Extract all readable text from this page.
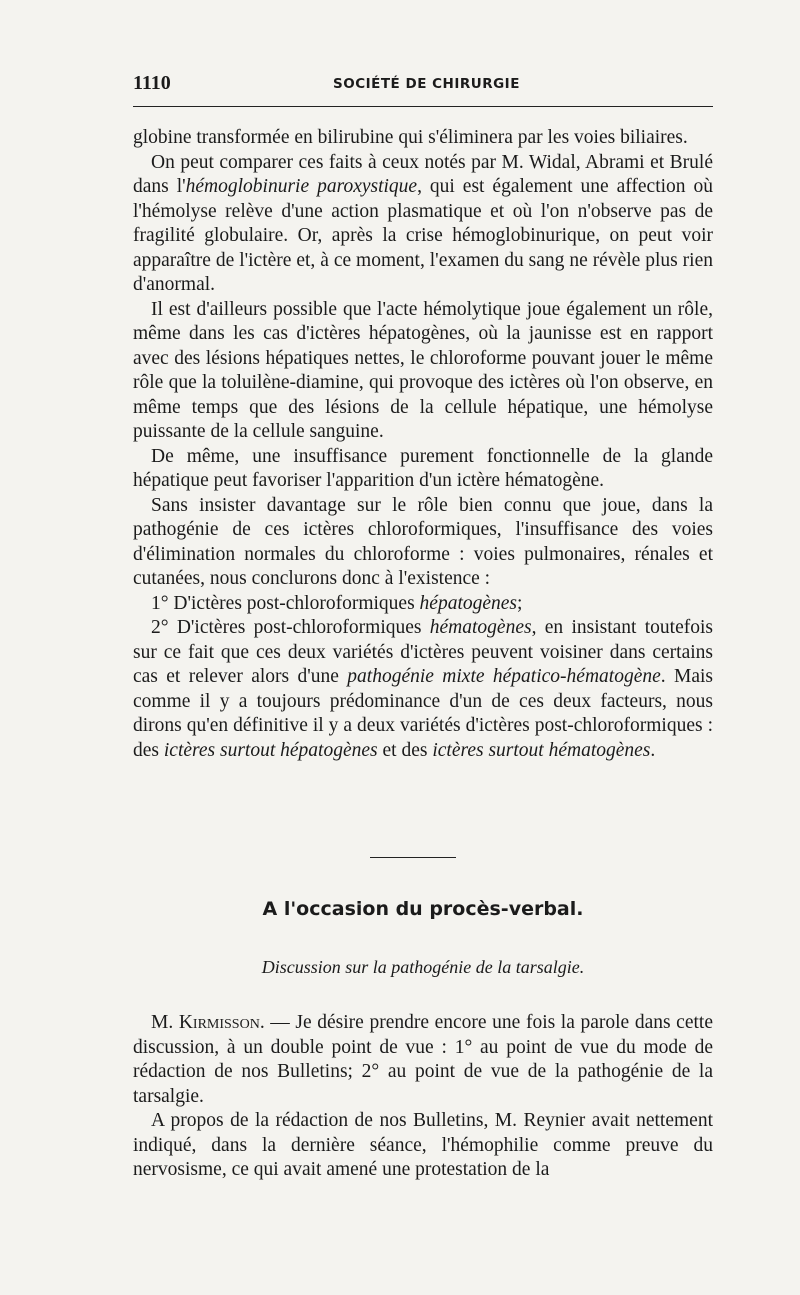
1110	SOCIÉTÉ DE CHIRURGIE

globine transformée en bilirubine qui s'éliminera par les voies biliaires.

On peut comparer ces faits à ceux notés par M. Widal, Abrami et Brulé dans l'hémoglobinurie paroxystique, qui est également une affection où l'hémolyse relève d'une action plasmatique et où l'on n'observe pas de fragilité globulaire. Or, après la crise hémoglobinurique, on peut voir apparaître de l'ictère et, à ce moment, l'examen du sang ne révèle plus rien d'anormal.

Il est d'ailleurs possible que l'acte hémolytique joue également un rôle, même dans les cas d'ictères hépatogènes, où la jaunisse est en rapport avec des lésions hépatiques nettes, le chloroforme pouvant jouer le même rôle que la toluilène-diamine, qui provoque des ictères où l'on observe, en même temps que des lésions de la cellule hépatique, une hémolyse puissante de la cellule sanguine.

De même, une insuffisance purement fonctionnelle de la glande hépatique peut favoriser l'apparition d'un ictère hématogène.

Sans insister davantage sur le rôle bien connu que joue, dans la pathogénie de ces ictères chloroformiques, l'insuffisance des voies d'élimination normales du chloroforme : voies pulmonaires, rénales et cutanées, nous conclurons donc à l'existence :

1° D'ictères post-chloroformiques hépatogènes;

2° D'ictères post-chloroformiques hématogènes, en insistant toutefois sur ce fait que ces deux variétés d'ictères peuvent voisiner dans certains cas et relever alors d'une pathogénie mixte hépatico-hématogène. Mais comme il y a toujours prédominance d'un de ces deux facteurs, nous dirons qu'en définitive il y a deux variétés d'ictères post-chloroformiques : des ictères surtout hépatogènes et des ictères surtout hématogènes.

A l'occasion du procès-verbal.
Discussion sur la pathogénie de la tarsalgie.

M. Kirmisson. — Je désire prendre encore une fois la parole dans cette discussion, à un double point de vue : 1° au point de vue du mode de rédaction de nos Bulletins; 2° au point de vue de la pathogénie de la tarsalgie.

A propos de la rédaction de nos Bulletins, M. Reynier avait nettement indiqué, dans la dernière séance, l'hémophilie comme preuve du nervosisme, ce qui avait amené une protestation de la
